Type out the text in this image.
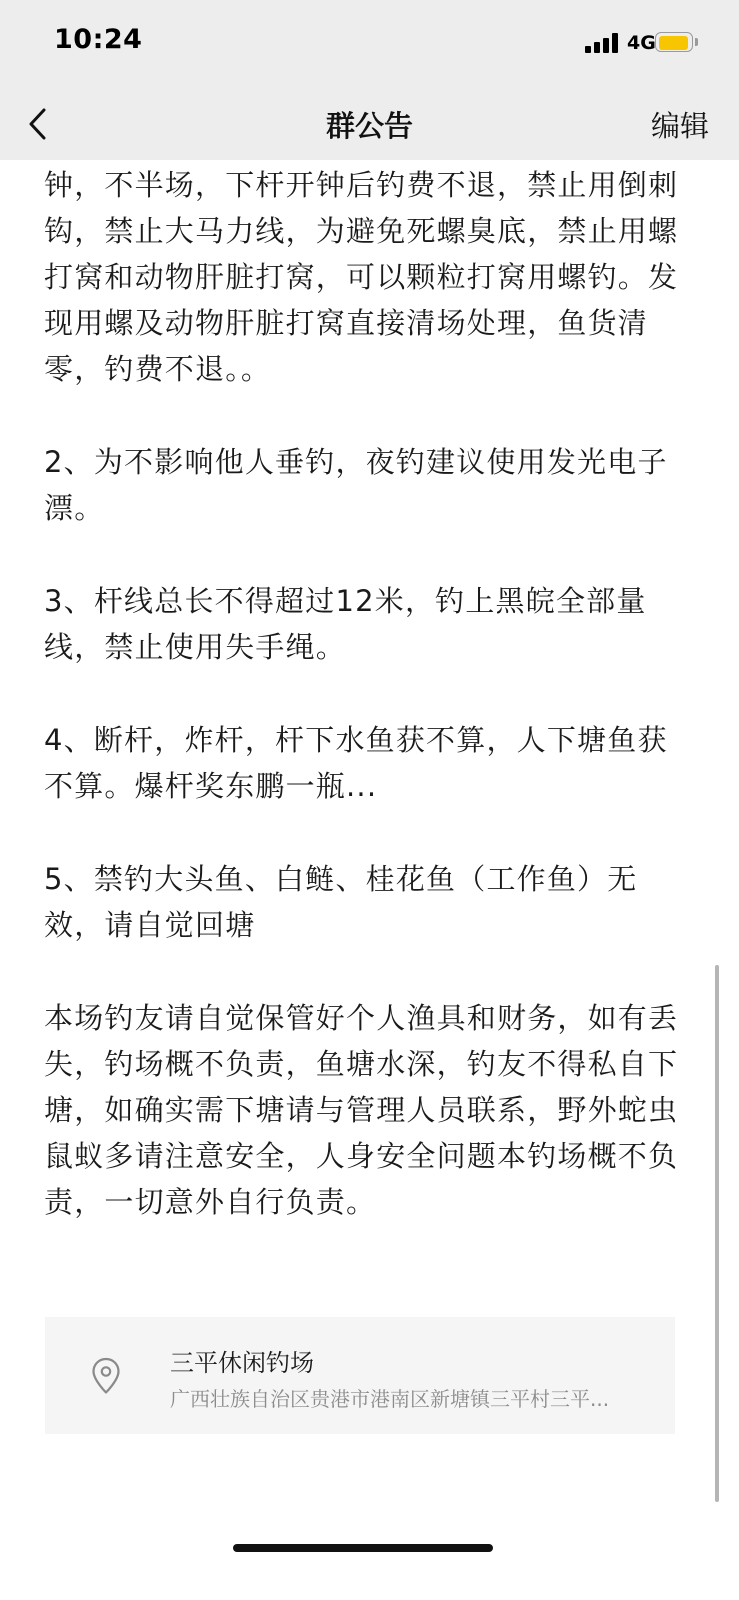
10:24	4G
群公告	编辑

钟，不半场，下杆开钟后钓费不退，禁止用倒刺钩，禁止大马力线，为避免死螺臭底，禁止用螺打窝和动物肝脏打窝，可以颗粒打窝用螺钓。发现用螺及动物肝脏打窝直接清场处理，鱼货清零，钓费不退。。

2、为不影响他人垂钓，夜钓建议使用发光电子漂。

3、杆线总长不得超过12米，钓上黑皖全部量线，禁止使用失手绳。

4、断杆，炸杆，杆下水鱼获不算，人下塘鱼获不算。爆杆奖东鹏一瓶...

5、禁钓大头鱼、白鲢、桂花鱼（工作鱼）无效，请自觉回塘

本场钓友请自觉保管好个人渔具和财务，如有丢失，钓场概不负责，鱼塘水深，钓友不得私自下塘，如确实需下塘请与管理人员联系，野外蛇虫鼠蚁多请注意安全，人身安全问题本钓场概不负责，一切意外自行负责。

三平休闲钓场
广西壮族自治区贵港市港南区新塘镇三平村三平...
